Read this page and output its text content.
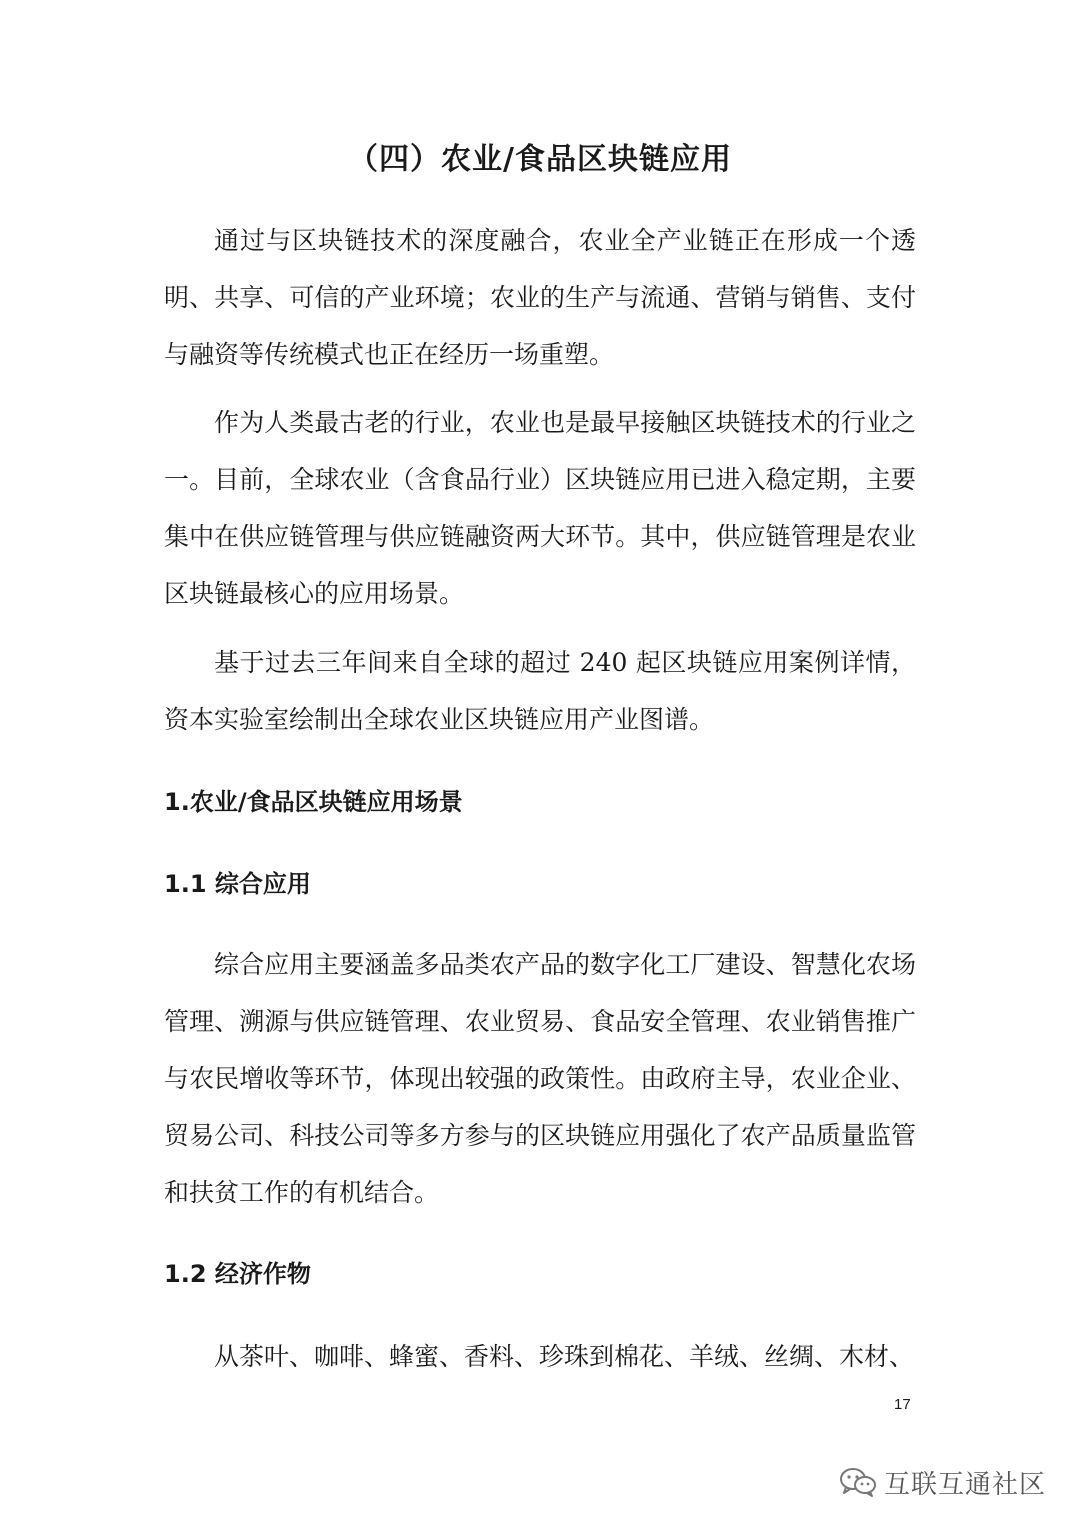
（四）农业/食品区块链应用

通过与区块链技术的深度融合，农业全产业链正在形成一个透明、共享、可信的产业环境；农业的生产与流通、营销与销售、支付与融资等传统模式也正在经历一场重塑。

作为人类最古老的行业，农业也是最早接触区块链技术的行业之一。目前，全球农业（含食品行业）区块链应用已进入稳定期，主要集中在供应链管理与供应链融资两大环节。其中，供应链管理是农业区块链最核心的应用场景。

基于过去三年间来自全球的超过 240 起区块链应用案例详情，资本实验室绘制出全球农业区块链应用产业图谱。

1.农业/食品区块链应用场景
1.1 综合应用

综合应用主要涵盖多品类农产品的数字化工厂建设、智慧化农场管理、溯源与供应链管理、农业贸易、食品安全管理、农业销售推广与农民增收等环节，体现出较强的政策性。由政府主导，农业企业、贸易公司、科技公司等多方参与的区块链应用强化了农产品质量监管和扶贫工作的有机结合。

1.2 经济作物

从茶叶、咖啡、蜂蜜、香料、珍珠到棉花、羊绒、丝绸、木材、

17
互联互通社区
